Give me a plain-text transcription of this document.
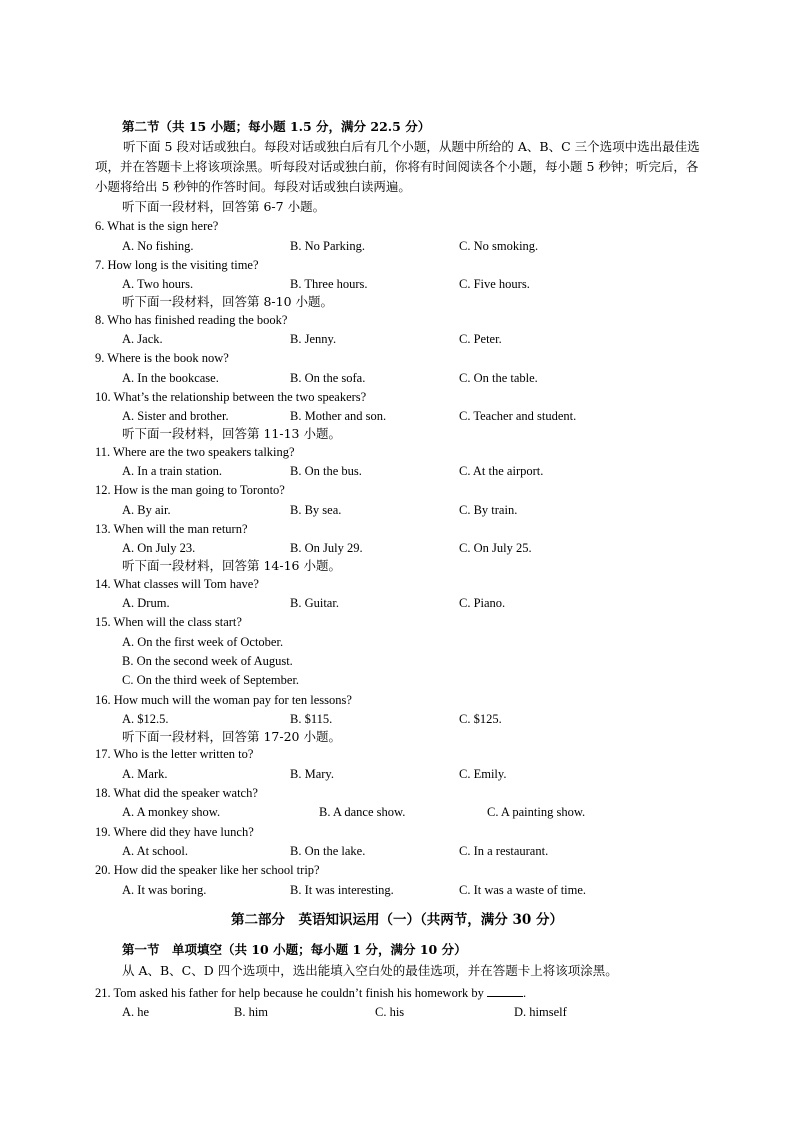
第二节（共 15 小题；每小题 1.5 分，满分 22.5 分）
听下面 5 段对话或独白。每段对话或独白后有几个小题，从题中所给的 A、B、C 三个选项中选出最佳选项，并在答题卡上将该项涂黑。听每段对话或独白前，你将有时间阅读各个小题，每小题 5 秒钟；听完后，各小题将给出 5 秒钟的作答时间。每段对话或独白读两遍。
听下面一段材料，回答第 6-7 小题。
6. What is the sign here?
A. No fishing.	B. No Parking.	C. No smoking.
7. How long is the visiting time?
A. Two hours.	B. Three hours.	C. Five hours.
听下面一段材料，回答第 8-10 小题。
8. Who has finished reading the book?
A. Jack.	B. Jenny.	C. Peter.
9. Where is the book now?
A. In the bookcase.	B. On the sofa.	C. On the table.
10. What’s the relationship between the two speakers?
A. Sister and brother.	B. Mother and son.	C. Teacher and student.
听下面一段材料，回答第 11-13 小题。
11. Where are the two speakers talking?
A. In a train station.	B. On the bus.	C. At the airport.
12. How is the man going to Toronto?
A. By air.	B. By sea.	C. By train.
13. When will the man return?
A. On July 23.	B. On July 29.	C. On July 25.
听下面一段材料，回答第 14-16 小题。
14. What classes will Tom have?
A. Drum.	B. Guitar.	C. Piano.
15. When will the class start?
A. On the first week of October.
B. On the second week of August.
C. On the third week of September.
16. How much will the woman pay for ten lessons?
A. $12.5.	B. $115.	C. $125.
听下面一段材料，回答第 17-20 小题。
17. Who is the letter written to?
A. Mark.	B. Mary.	C. Emily.
18. What did the speaker watch?
A. A monkey show.	B. A dance show.	C. A painting show.
19. Where did they have lunch?
A. At school.	B. On the lake.	C. In a restaurant.
20. How did the speaker like her school trip?
A. It was boring.	B. It was interesting.	C. It was a waste of time.
第二部分　英语知识运用（一）（共两节，满分 30 分）
第一节　单项填空（共 10 小题；每小题 1 分，满分 10 分）
从 A、B、C、D 四个选项中，选出能填入空白处的最佳选项，并在答题卡上将该项涂黑。
21. Tom asked his father for help because he couldn’t finish his homework by	.
A. he	B. him	C. his	D. himself
